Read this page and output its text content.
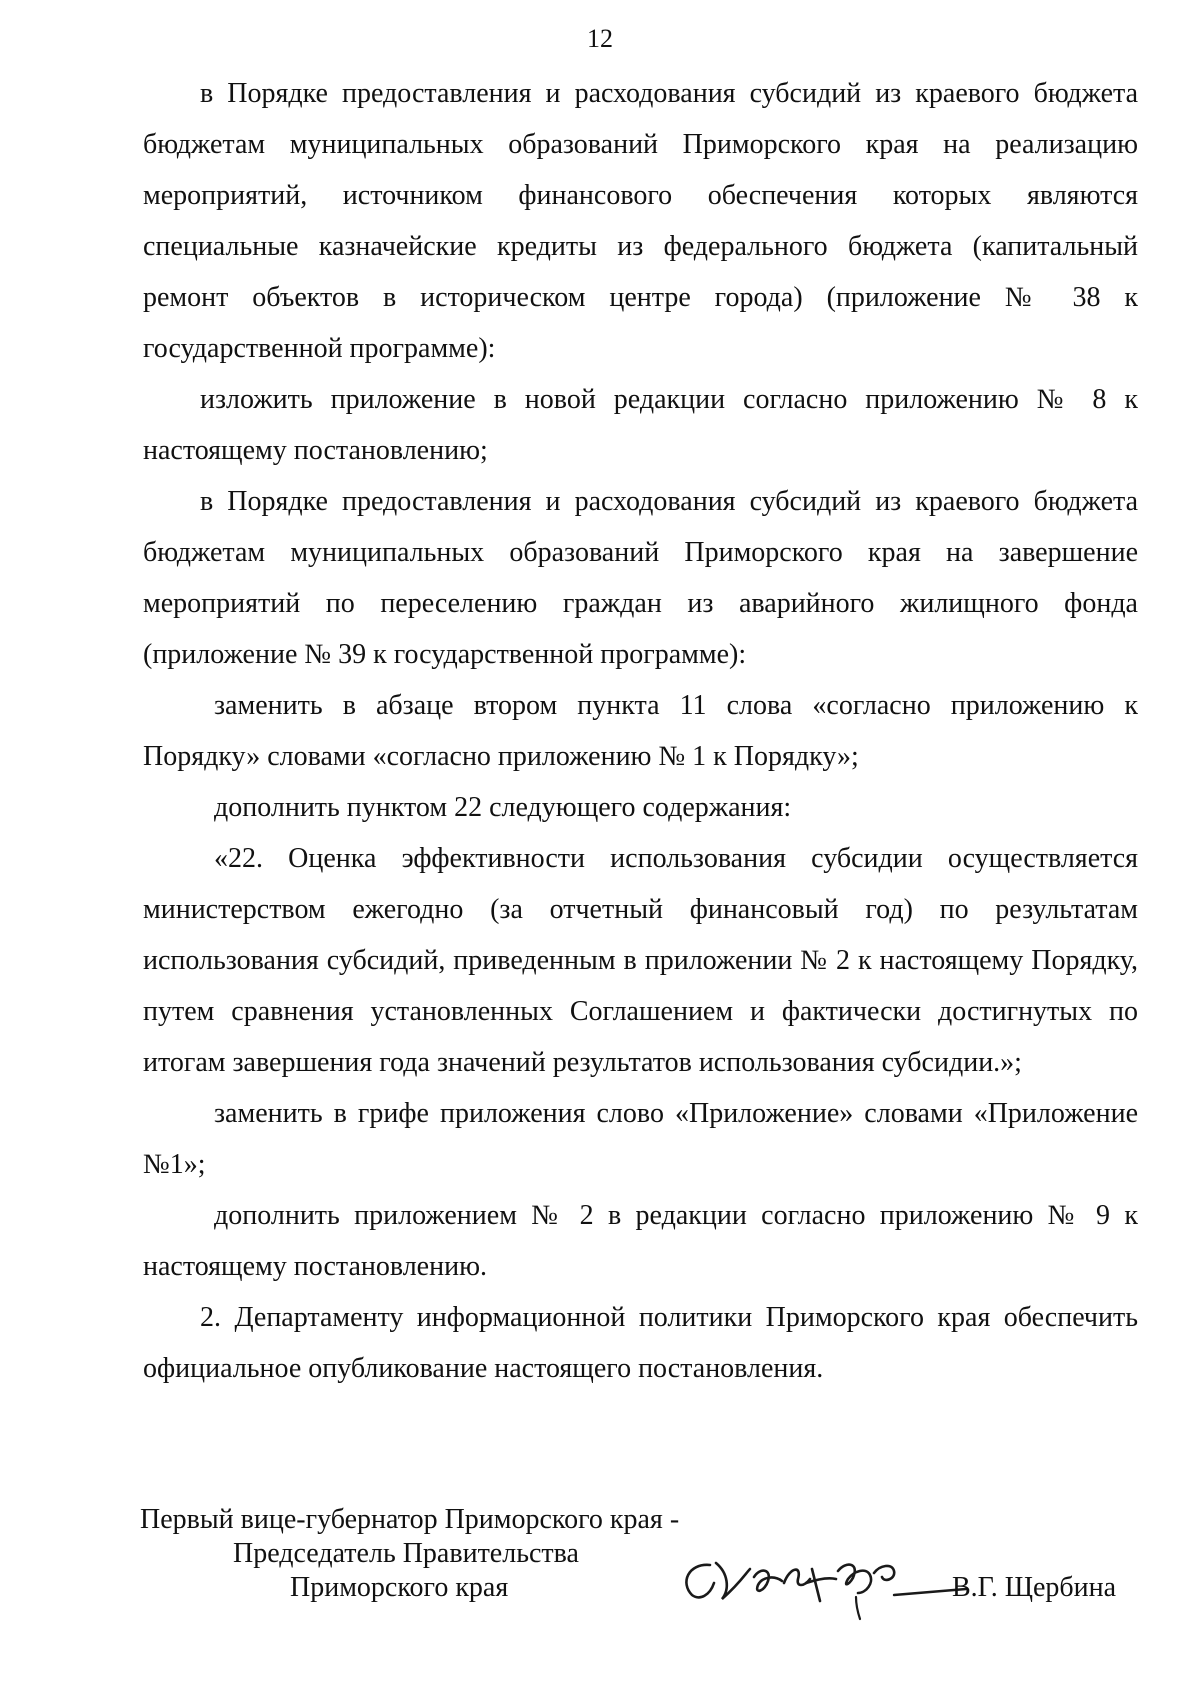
12

в Порядке предоставления и расходования субсидий из краевого бюджета бюджетам муниципальных образований Приморского края на реализацию мероприятий, источником финансового обеспечения которых являются специальные казначейские кредиты из федерального бюджета (капитальный ремонт объектов в историческом центре города) (приложение № 38 к государственной программе):

изложить приложение в новой редакции согласно приложению № 8 к настоящему постановлению;

в Порядке предоставления и расходования субсидий из краевого бюджета бюджетам муниципальных образований Приморского края на завершение мероприятий по переселению граждан из аварийного жилищного фонда (приложение № 39 к государственной программе):

заменить в абзаце втором пункта 11 слова «согласно приложению к Порядку» словами «согласно приложению № 1 к Порядку»;

дополнить пунктом 22 следующего содержания:

«22. Оценка эффективности использования субсидии осуществляется министерством ежегодно (за отчетный финансовый год) по результатам использования субсидий, приведенным в приложении № 2 к настоящему Порядку, путем сравнения установленных Соглашением и фактически достигнутых по итогам завершения года значений результатов использования субсидии.»;

заменить в грифе приложения слово «Приложение» словами «Приложение №1»;

дополнить приложением № 2 в редакции согласно приложению № 9 к настоящему постановлению.

2. Департаменту информационной политики Приморского края обеспечить официальное опубликование настоящего постановления.

Первый вице-губернатор Приморского края -
Председатель Правительства
Приморского края	В.Г. Щербина
